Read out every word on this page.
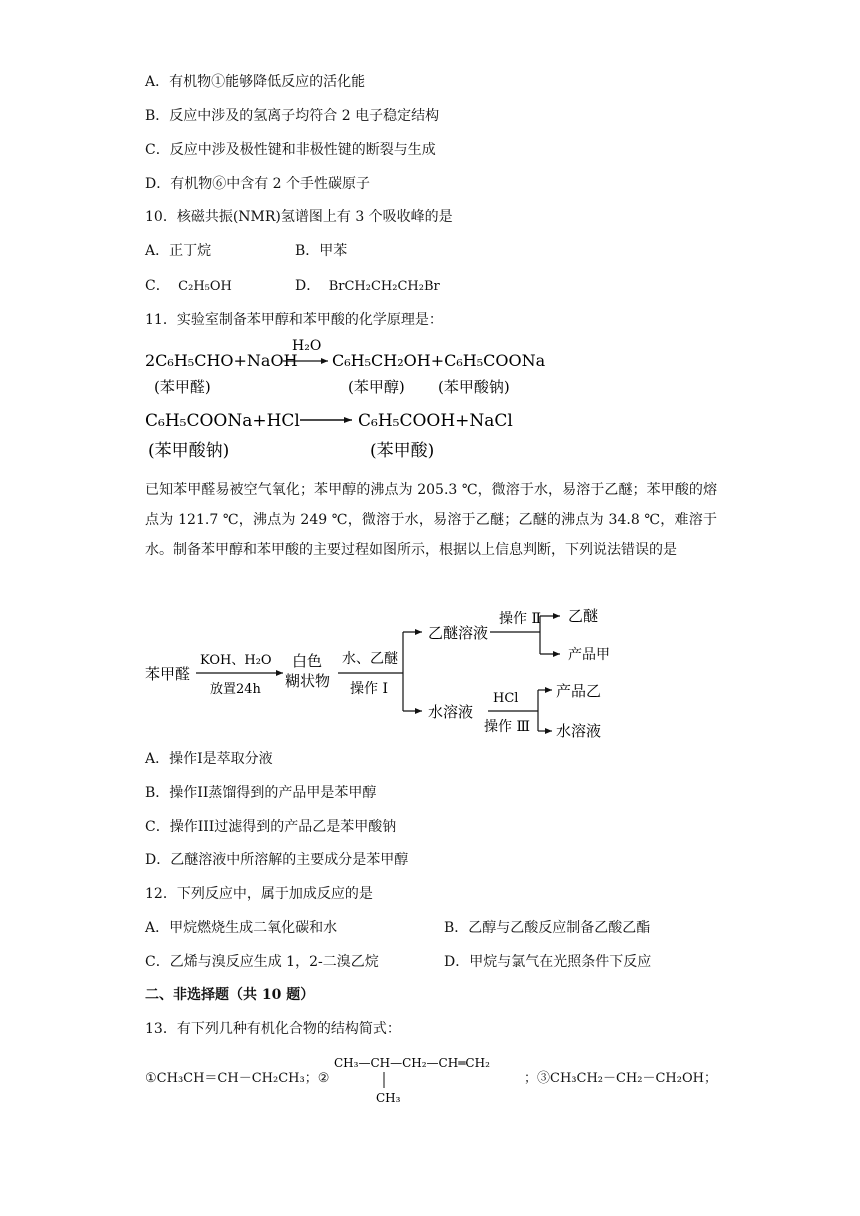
A．有机物①能够降低反应的活化能
B．反应中涉及的氢离子均符合 2 电子稳定结构
C．反应中涉及极性键和非极性键的断裂与生成
D．有机物⑥中含有 2 个手性碳原子
10．核磁共振(NMR)氢谱图上有 3 个吸收峰的是
A．正丁烷	B．甲苯
C． C₂H₅OH	D． BrCH₂CH₂CH₂Br
11．实验室制备苯甲醇和苯甲酸的化学原理是：
2C₆H₅CHO+NaOH
H₂O
C₆H₅CH₂OH+C₆H₅COONa
(苯甲醛)	(苯甲醇) (苯甲酸钠)
C₆H₅COONa+HCl	C₆H₅COOH+NaCl
(苯甲酸钠)	(苯甲酸)
已知苯甲醛易被空气氧化；苯甲醇的沸点为 205.3 ℃，微溶于水，易溶于乙醚；苯甲酸的熔点为 121.7 ℃，沸点为 249 ℃，微溶于水，易溶于乙醚；乙醚的沸点为 34.8 ℃，难溶于水。制备苯甲醇和苯甲酸的主要过程如图所示，根据以上信息判断，下列说法错误的是
苯甲醛
KOH、H₂O
放置24h
白色
糊状物
水、乙醚
操作 I
乙醚溶液
水溶液
操作 Ⅱ 乙醚
产品甲
HCl
操作 Ⅲ
产品乙
水溶液
A．操作I是萃取分液
B．操作II蒸馏得到的产品甲是苯甲醇
C．操作III过滤得到的产品乙是苯甲酸钠
D．乙醚溶液中所溶解的主要成分是苯甲醇
12．下列反应中，属于加成反应的是
A．甲烷燃烧生成二氧化碳和水	B．乙醇与乙酸反应制备乙酸乙酯
C．乙烯与溴反应生成 1，2-二溴乙烷	D．甲烷与氯气在光照条件下反应
二、非选择题（共 10 题）
13．有下列几种有机化合物的结构简式：
①CH₃CH＝CH－CH₂CH₃；②
CH₃—CH—CH₂—CH═CH₂
CH₃
；③CH₃CH₂－CH₂－CH₂OH；
